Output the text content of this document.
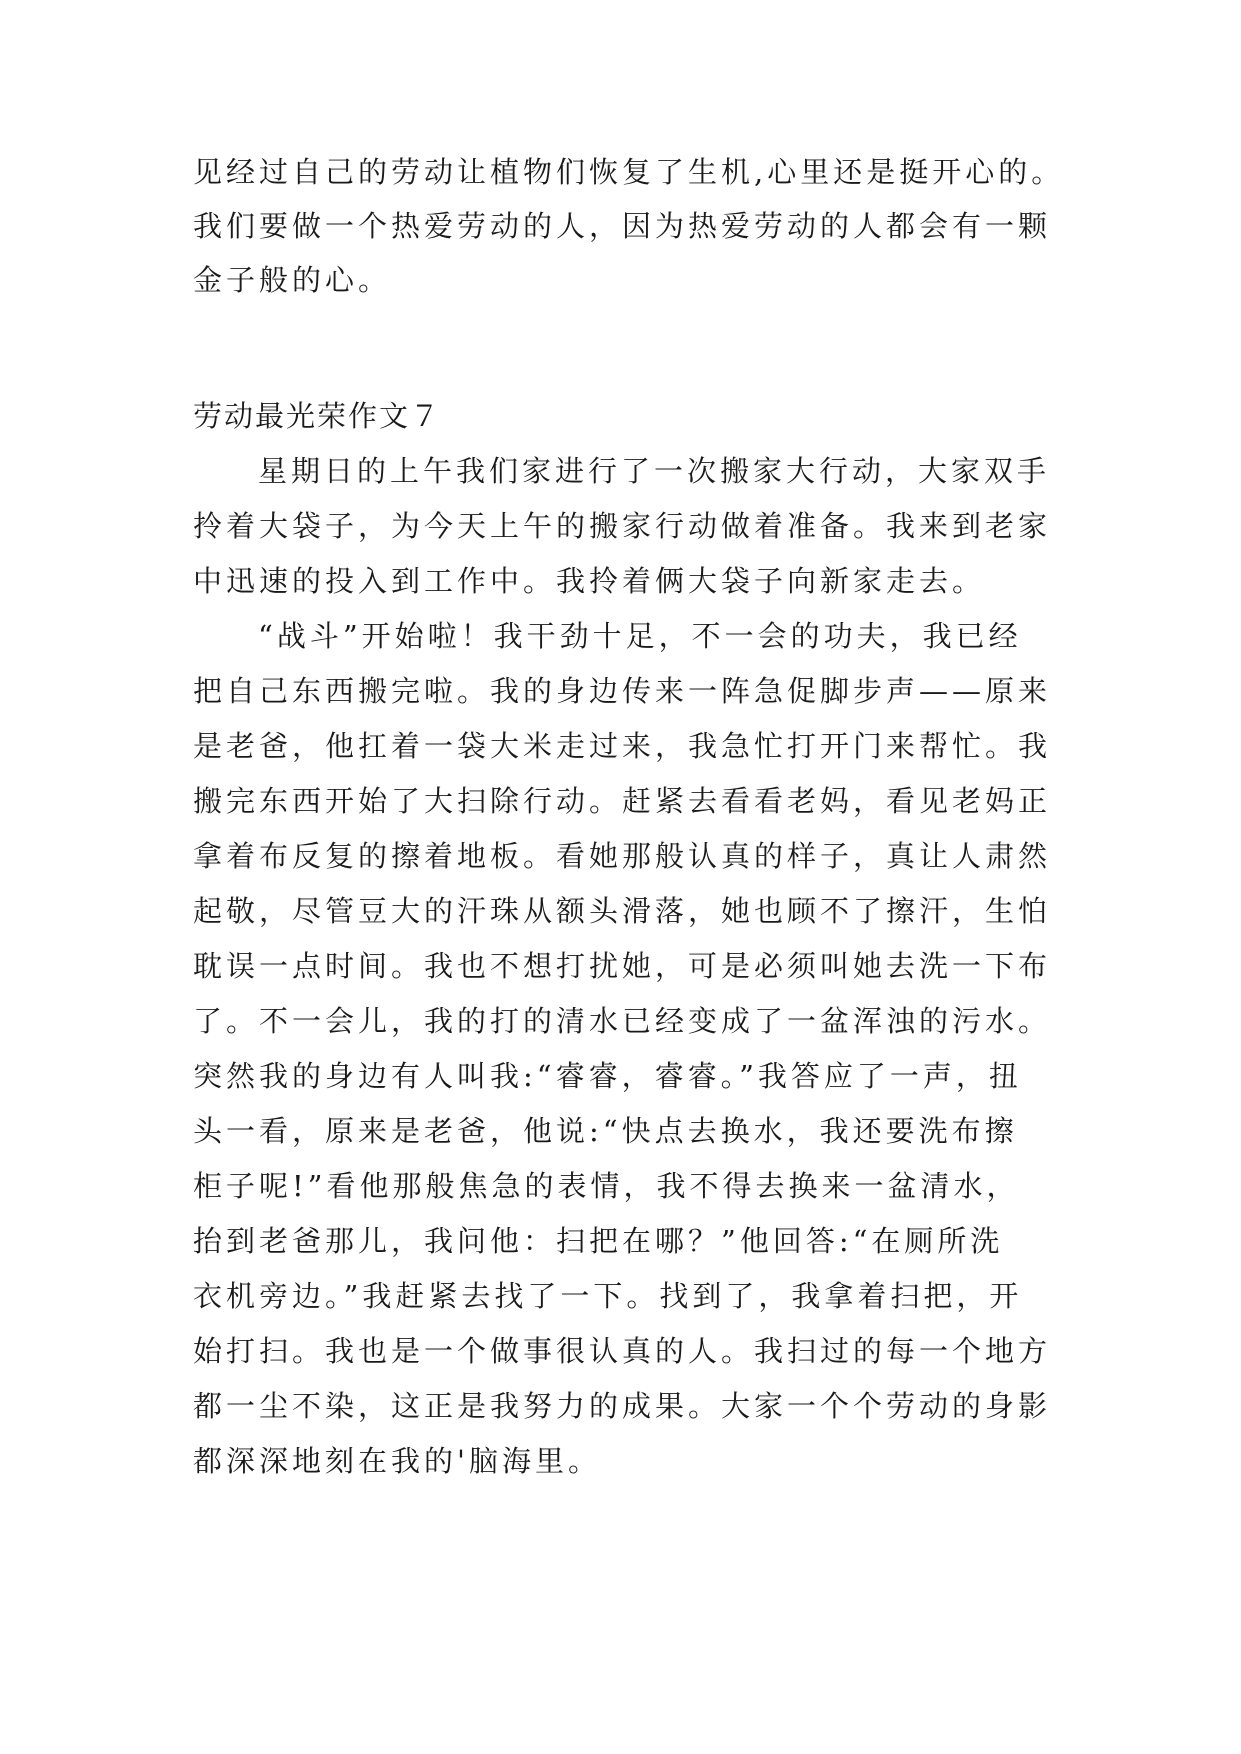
见经过自己的劳动让植物们恢复了生机,心里还是挺开心的。
我们要做一个热爱劳动的人，因为热爱劳动的人都会有一颗
金子般的心。
劳动最光荣作文７
星期日的上午我们家进行了一次搬家大行动，大家双手
拎着大袋子，为今天上午的搬家行动做着准备。我来到老家
中迅速的投入到工作中。我拎着俩大袋子向新家走去。
“战斗”开始啦！我干劲十足，不一会的功夫，我已经
把自己东西搬完啦。我的身边传来一阵急促脚步声——原来
是老爸，他扛着一袋大米走过来，我急忙打开门来帮忙。我
搬完东西开始了大扫除行动。赶紧去看看老妈，看见老妈正
拿着布反复的擦着地板。看她那般认真的样子，真让人肃然
起敬，尽管豆大的汗珠从额头滑落，她也顾不了擦汗，生怕
耽误一点时间。我也不想打扰她，可是必须叫她去洗一下布
了。不一会儿，我的打的清水已经变成了一盆浑浊的污水。
突然我的身边有人叫我:“睿睿，睿睿。”我答应了一声，扭
头一看，原来是老爸，他说:“快点去换水，我还要洗布擦
柜子呢!”看他那般焦急的表情，我不得去换来一盆清水，
抬到老爸那儿，我问他：扫把在哪？”他回答:“在厕所洗
衣机旁边。”我赶紧去找了一下。找到了，我拿着扫把，开
始打扫。我也是一个做事很认真的人。我扫过的每一个地方
都一尘不染，这正是我努力的成果。大家一个个劳动的身影
都深深地刻在我的'脑海里。
